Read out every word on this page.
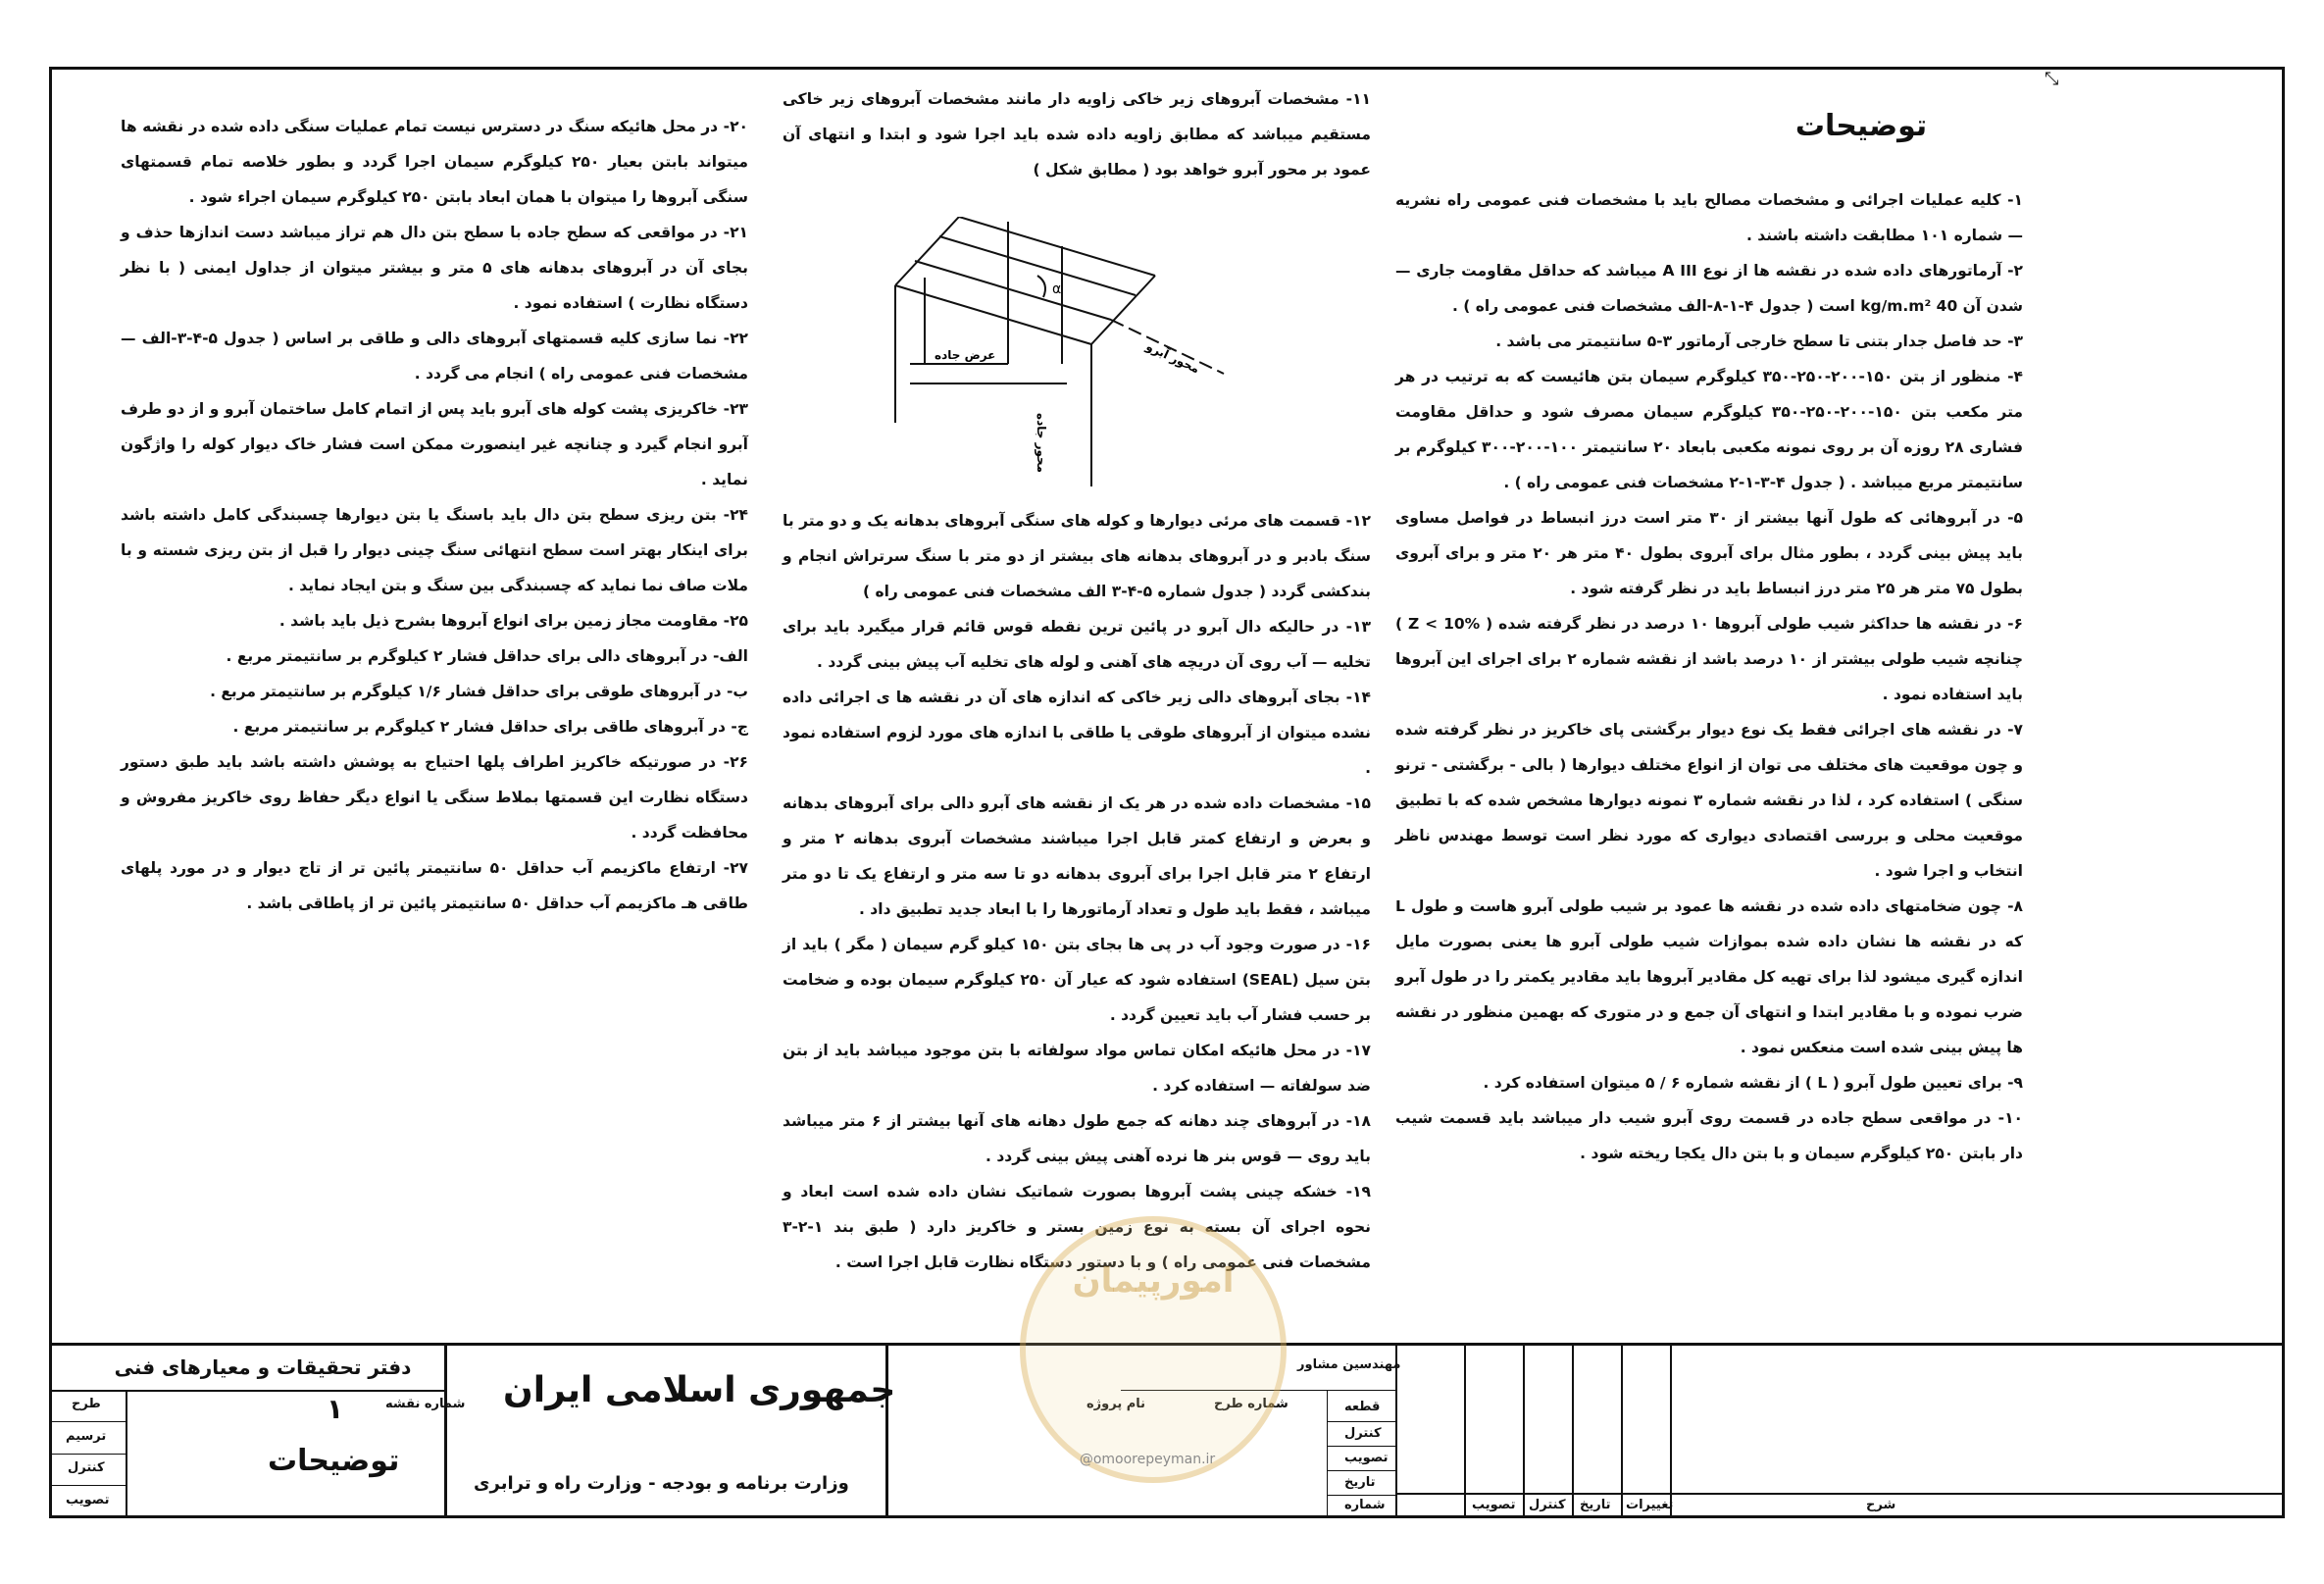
توضیحات

۱- کلیه عملیات اجرائی و مشخصات مصالح باید با مشخصات فنی عمومی راه نشریه — شماره ۱۰۱ مطابقت داشته باشند .

۲- آرماتورهای داده شده در نقشه ها از نوع A III میباشد که حداقل مقاومت جاری — شدن آن 40 kg/m.m² است ( جدول ۴-۱-۸-الف مشخصات فنی عمومی راه ) .

۳- حد فاصل جدار بتنی تا سطح خارجی آرماتور ۳-۵ سانتیمتر می باشد .

۴- منظور از بتن ۱۵۰-۲۰۰-۲۵۰-۳۵۰ کیلوگرم سیمان بتن هائیست که به ترتیب در هر متر مکعب بتن ۱۵۰-۲۰۰-۲۵۰-۳۵۰ کیلوگرم سیمان مصرف شود و حداقل مقاومت فشاری ۲۸ روزه آن بر روی نمونه مکعبی بابعاد ۲۰ سانتیمتر ۱۰۰-۲۰۰-۳۰۰ کیلوگرم بر سانتیمتر مربع میباشد . ( جدول ۴-۳-۱-۲ مشخصات فنی عمومی راه ) .

۵- در آبروهائی که طول آنها بیشتر از ۳۰ متر است درز انبساط در فواصل مساوی باید پیش بینی گردد ، بطور مثال برای آبروی بطول ۴۰ متر هر ۲۰ متر و برای آبروی بطول ۷۵ متر هر ۲۵ متر درز انبساط باید در نظر گرفته شود .

۶- در نقشه ها حداکثر شیب طولی آبروها ۱۰ درصد در نظر گرفته شده ( Z < 10% ) چنانچه شیب طولی بیشتر از ۱۰ درصد باشد از نقشه شماره ۲ برای اجرای این آبروها باید استفاده نمود .

۷- در نقشه های اجرائی فقط یک نوع دیوار برگشتی پای خاکریز در نظر گرفته شده و چون موقعیت های مختلف می توان از انواع مختلف دیوارها ( بالی - برگشتی - ترنو سنگی ) استفاده کرد ، لذا در نقشه شماره ۳ نمونه دیوارها مشخص شده که با تطبیق موقعیت محلی و بررسی اقتصادی دیواری که مورد نظر است توسط مهندس ناظر انتخاب و اجرا شود .

۸- چون ضخامتهای داده شده در نقشه ها عمود بر شیب طولی آبرو هاست و طول L که در نقشه ها نشان داده شده بموازات شیب طولی آبرو ها یعنی بصورت مایل اندازه گیری میشود لذا برای تهیه کل مقادیر آبروها باید مقادیر یکمتر را در طول آبرو ضرب نموده و با مقادیر ابتدا و انتهای آن جمع و در متوری که بهمین منظور در نقشه ها پیش بینی شده است منعکس نمود .

۹- برای تعیین طول آبرو ( L ) از نقشه شماره ۶ / ۵ میتوان استفاده کرد .

۱۰- در مواقعی سطح جاده در قسمت روی آبرو شیب دار میباشد باید قسمت شیب دار بابتن ۲۵۰ کیلوگرم سیمان و با بتن دال یکجا ریخته شود .

۱۱- مشخصات آبروهای زیر خاکی زاویه دار مانند مشخصات آبروهای زیر خاکی مستقیم میباشد که مطابق زاویه داده شده باید اجرا شود و ابتدا و انتهای آن عمود بر محور آبرو خواهد بود ( مطابق شکل )

α
محور آبرو
عرض جاده
محور جاده

۱۲- قسمت های مرئی دیوارها و کوله های سنگی آبروهای بدهانه یک و دو متر با سنگ بادبر و در آبروهای بدهانه های بیشتر از دو متر با سنگ سرتراش انجام و بندکشی گردد ( جدول شماره ۵-۴-۳ الف مشخصات فنی عمومی راه )

۱۳- در حالیکه دال آبرو در پائین ترین نقطه قوس قائم قرار میگیرد باید برای تخلیه — آب روی آن دریچه های آهنی و لوله های تخلیه آب پیش بینی گردد .

۱۴- بجای آبروهای دالی زیر خاکی که اندازه های آن در نقشه ها ی اجرائی داده نشده میتوان از آبروهای طوقی یا طاقی با اندازه های مورد لزوم استفاده نمود .

۱۵- مشخصات داده شده در هر یک از نقشه های آبرو دالی برای آبروهای بدهانه و بعرض و ارتفاع کمتر قابل اجرا میباشند مشخصات آبروی بدهانه ۲ متر و ارتفاع ۲ متر قابل اجرا برای آبروی بدهانه دو تا سه متر و ارتفاع یک تا دو متر میباشد ، فقط باید طول و تعداد آرماتورها را با ابعاد جدید تطبیق داد .

۱۶- در صورت وجود آب در پی ها بجای بتن ۱۵۰ کیلو گرم سیمان ( مگر ) باید از بتن سیل (SEAL) استفاده شود که عیار آن ۲۵۰ کیلوگرم سیمان بوده و ضخامت بر حسب فشار آب باید تعیین گردد .

۱۷- در محل هائیکه امکان تماس مواد سولفاته با بتن موجود میباشد باید از بتن ضد سولفاته — استفاده کرد .

۱۸- در آبروهای چند دهانه که جمع طول دهانه های آنها بیشتر از ۶ متر میباشد باید روی — قوس بنر ها نرده آهنی پیش بینی گردد .

۱۹- خشکه چینی پشت آبروها بصورت شماتیک نشان داده شده است ابعاد و نحوه اجرای آن بسته به نوع زمین بستر و خاکریز دارد ( طبق بند ۱-۲-۳ مشخصات فنی عمومی راه ) و با دستور دستگاه نظارت قابل اجرا است .

۲۰- در محل هائیکه سنگ در دسترس نیست تمام عملیات سنگی داده شده در نقشه ها میتواند بابتن بعیار ۲۵۰ کیلوگرم سیمان اجرا گردد و بطور خلاصه تمام قسمتهای سنگی آبروها را میتوان با همان ابعاد بابتن ۲۵۰ کیلوگرم سیمان اجراء شود .

۲۱- در مواقعی که سطح جاده با سطح بتن دال هم تراز میباشد دست اندازها حذف و بجای آن در آبروهای بدهانه های ۵ متر و بیشتر میتوان از جداول ایمنی ( با نظر دستگاه نظارت ) استفاده نمود .

۲۲- نما سازی کلیه قسمتهای آبروهای دالی و طاقی بر اساس ( جدول ۵-۴-۳-الف — مشخصات فنی عمومی راه ) انجام می گردد .

۲۳- خاکریزی پشت کوله های آبرو باید پس از اتمام کامل ساختمان آبرو و از دو طرف آبرو انجام گیرد و چنانچه غیر اینصورت ممکن است فشار خاک دیوار کوله را واژگون نماید .

۲۴- بتن ریزی سطح بتن دال باید باسنگ یا بتن دیوارها چسبندگی کامل داشته باشد برای اینکار بهتر است سطح انتهائی سنگ چینی دیوار را قبل از بتن ریزی شسته و با ملات صاف نما نماید که چسبندگی بین سنگ و بتن ایجاد نماید .

۲۵- مقاومت مجاز زمین برای انواع آبروها بشرح ذیل باید باشد .

الف- در آبروهای دالی برای حداقل فشار ۲ کیلوگرم بر سانتیمتر مربع .

ب- در آبروهای طوقی برای حداقل فشار ۱/۶ کیلوگرم بر سانتیمتر مربع .

ج- در آبروهای طاقی برای حداقل فشار ۲ کیلوگرم بر سانتیمتر مربع .

۲۶- در صورتیکه خاکریز اطراف پلها احتیاج به پوشش داشته باشد باید طبق دستور دستگاه نظارت این قسمتها بملاط سنگی یا انواع دیگر حفاظ روی خاکریز مفروش و محافظت گردد .

۲۷- ارتفاع ماکزیمم آب حداقل ۵۰ سانتیمتر پائین تر از تاج دیوار و در مورد پلهای طاقی هـ ماکزیمم آب حداقل ۵۰ سانتیمتر پائین تر از پاطاقی باشد .

دفتر تحقیقات و معیارهای فنی
طرح
ترسیم
کنترل
تصویب
شماره نقشه
۱
توضیحات
جمهوری اسلامی ایران
وزارت برنامه و بودجه - وزارت راه و ترابری
مهندسین مشاور
شماره طرح
نام پروژه	قطعه
کنترل
تصویب
تاریخ
شماره	شرح
تغییرات
تاریخ
کنترل
تصویب
امورپیمان
@omoorepeyman.ir
⤡
